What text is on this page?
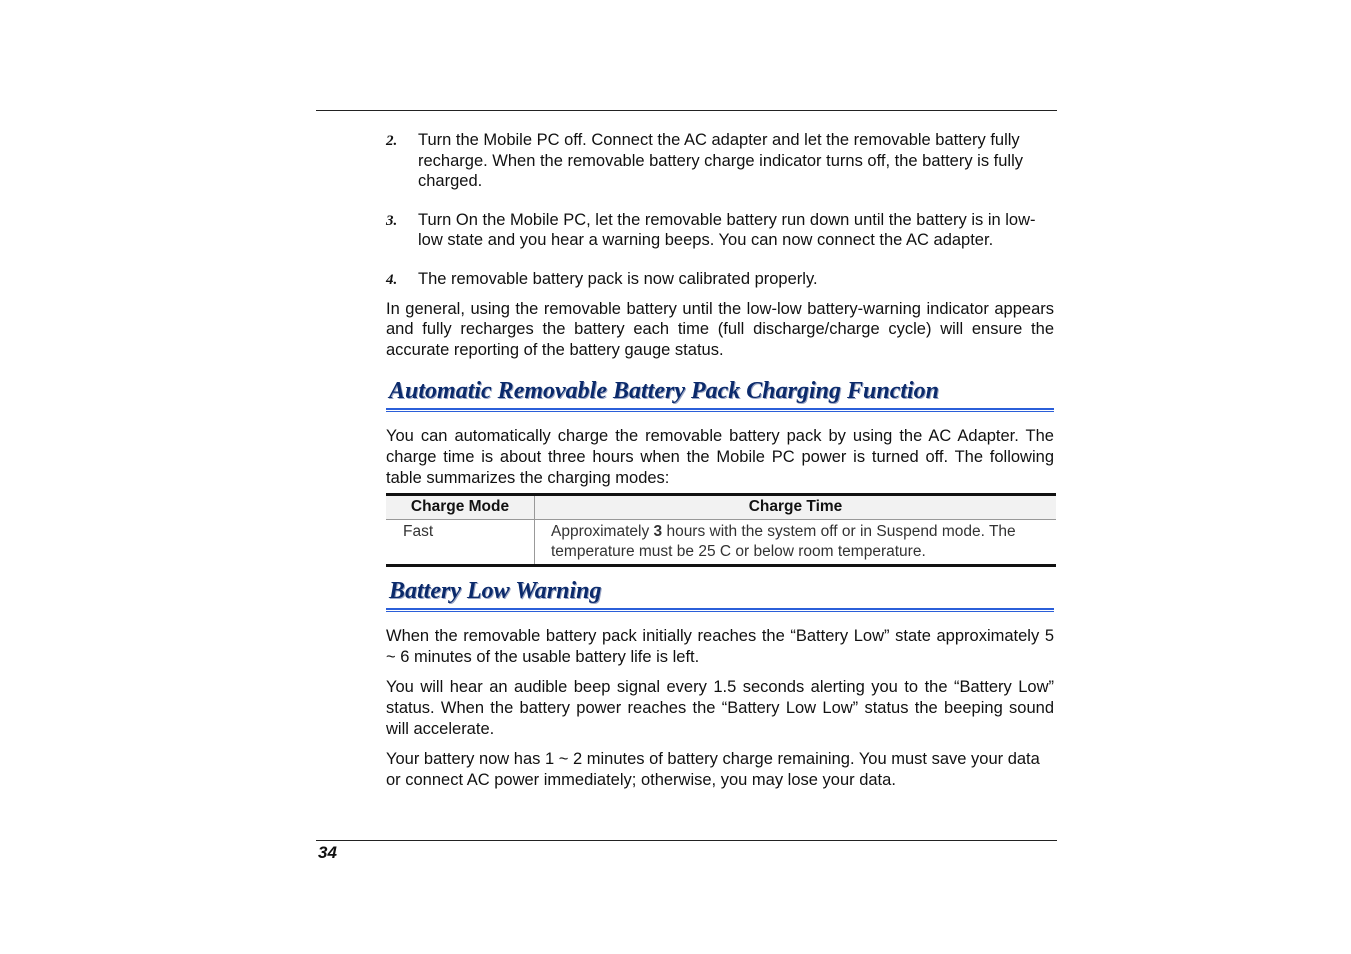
2. Turn the Mobile PC off. Connect the AC adapter and let the removable battery fully recharge. When the removable battery charge indicator turns off, the battery is fully charged.
3. Turn On the Mobile PC, let the removable battery run down until the battery is in low-low state and you hear a warning beeps. You can now connect the AC adapter.
4. The removable battery pack is now calibrated properly.

In general, using the removable battery until the low-low battery-warning indicator appears and fully recharges the battery each time (full discharge/charge cycle) will ensure the accurate reporting of the battery gauge status.

Automatic Removable Battery Pack Charging Function

You can automatically charge the removable battery pack by using the AC Adapter. The charge time is about three hours when the Mobile PC power is turned off. The following table summarizes the charging modes:

Charge Mode	Charge Time
Fast	Approximately 3 hours with the system off or in Suspend mode. The temperature must be 25 C or below room temperature.
Battery Low Warning

When the removable battery pack initially reaches the “Battery Low” state approximately 5 ~ 6 minutes of the usable battery life is left.

You will hear an audible beep signal every 1.5 seconds alerting you to the “Battery Low” status. When the battery power reaches the “Battery Low Low” status the beeping sound will accelerate.

Your battery now has 1 ~ 2 minutes of battery charge remaining. You must save your data or connect AC power immediately; otherwise, you may lose your data.

34
